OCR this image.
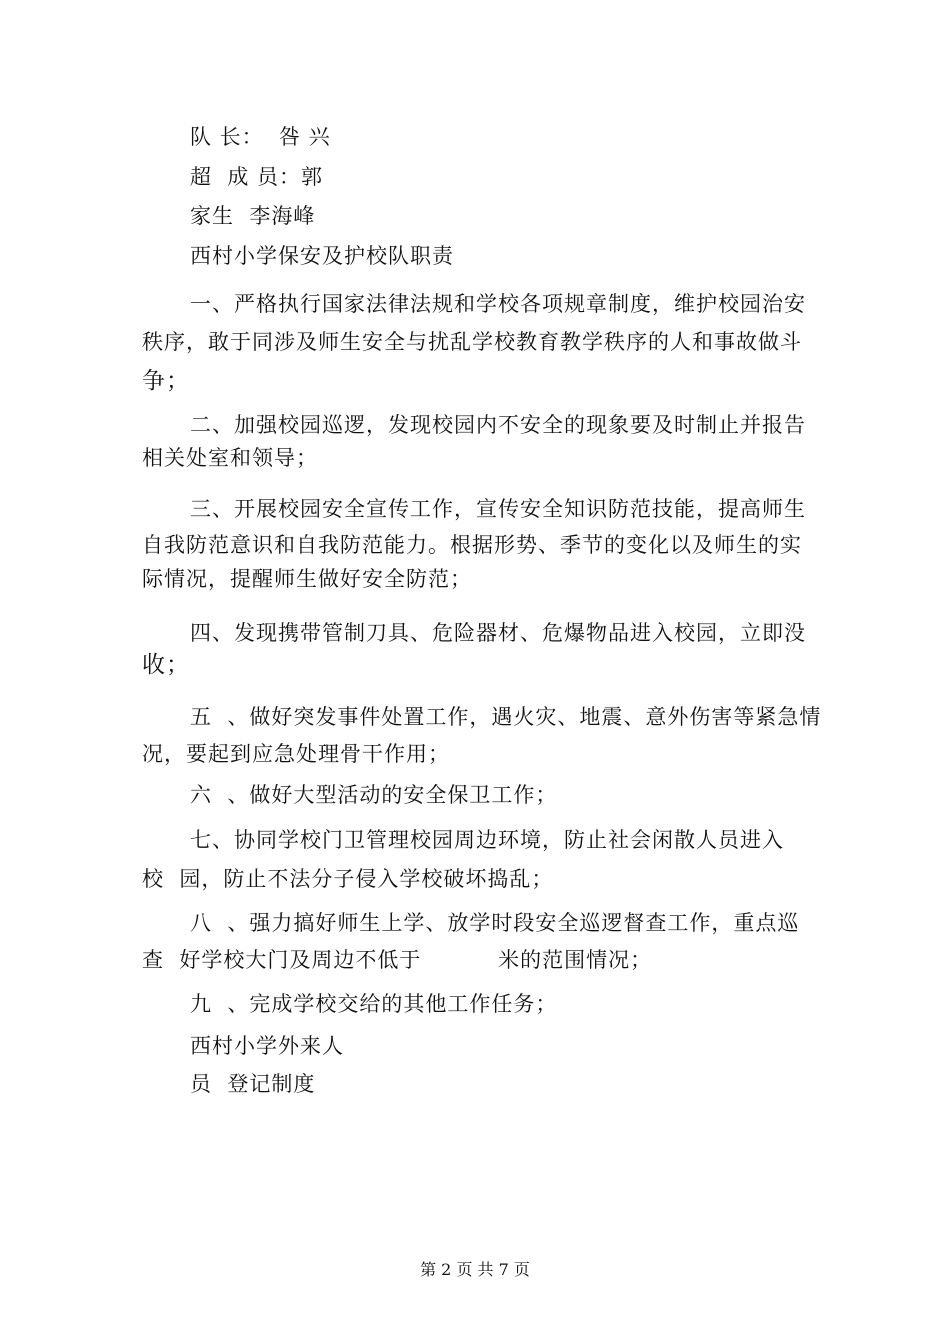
队 长：  咎 兴
超  成 员：郭
家生  李海峰
西村小学保安及护校队职责
一、严格执行国家法律法规和学校各项规章制度，维护校园治安
秩序，敢于同涉及师生安全与扰乱学校教育教学秩序的人和事故做斗
争；
二、加强校园巡逻，发现校园内不安全的现象要及时制止并报告
相关处室和领导；
三、开展校园安全宣传工作，宣传安全知识防范技能，提高师生
自我防范意识和自我防范能力。根据形势、季节的变化以及师生的实
际情况，提醒师生做好安全防范；
四、发现携带管制刀具、危险器材、危爆物品进入校园，立即没
收；
五  、做好突发事件处置工作，遇火灾、地震、意外伤害等紧急情
况，要起到应急处理骨干作用；
六  、做好大型活动的安全保卫工作；
七、协同学校门卫管理校园周边环境，防止社会闲散人员进入
校  园，防止不法分子侵入学校破坏捣乱；
八  、强力搞好师生上学、放学时段安全巡逻督查工作，重点巡
查  好学校大门及周边不低于          米的范围情况；
九  、完成学校交给的其他工作任务；
西村小学外来人
员  登记制度
第 2 页 共 7 页
